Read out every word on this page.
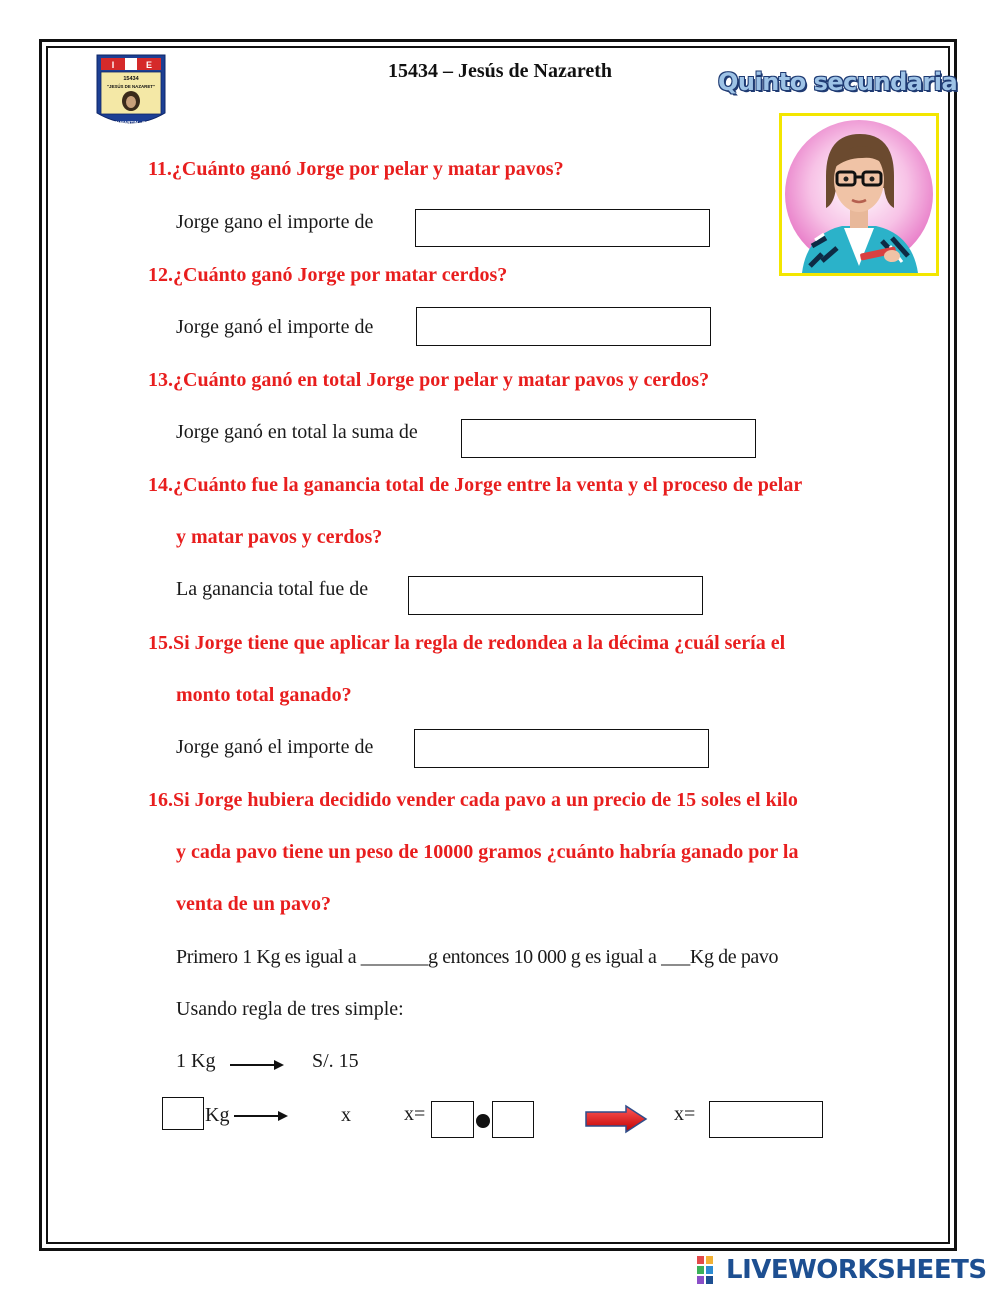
I	E
15434
"JESÚS DE NAZARET"
SAN MARTIN - C.P.3
15434 – Jesús de Nazareth	Quinto secundaria
11.¿Cuánto ganó Jorge por pelar y matar pavos?
Jorge gano el importe de
12.¿Cuánto ganó Jorge por matar cerdos?
Jorge ganó el importe de
13.¿Cuánto ganó en total Jorge por pelar y matar pavos y cerdos?
Jorge ganó en total la suma de
14.¿Cuánto fue la ganancia total de Jorge entre la venta y el proceso de pelar
y matar pavos y cerdos?
La ganancia total fue de
15.Si Jorge tiene que aplicar la regla de redondea a la décima ¿cuál sería el
monto total ganado?
Jorge ganó el importe de
16.Si Jorge hubiera decidido vender cada pavo a un precio de 15 soles el kilo
y cada pavo tiene un peso de 10000 gramos ¿cuánto habría ganado por la
venta de un pavo?
Primero 1 Kg es igual a _______g entonces 10 000 g es igual a ___Kg de pavo
Usando regla de tres simple:
1 Kg	S/. 15
Kg	x	x=	x=
LIVEWORKSHEETS
